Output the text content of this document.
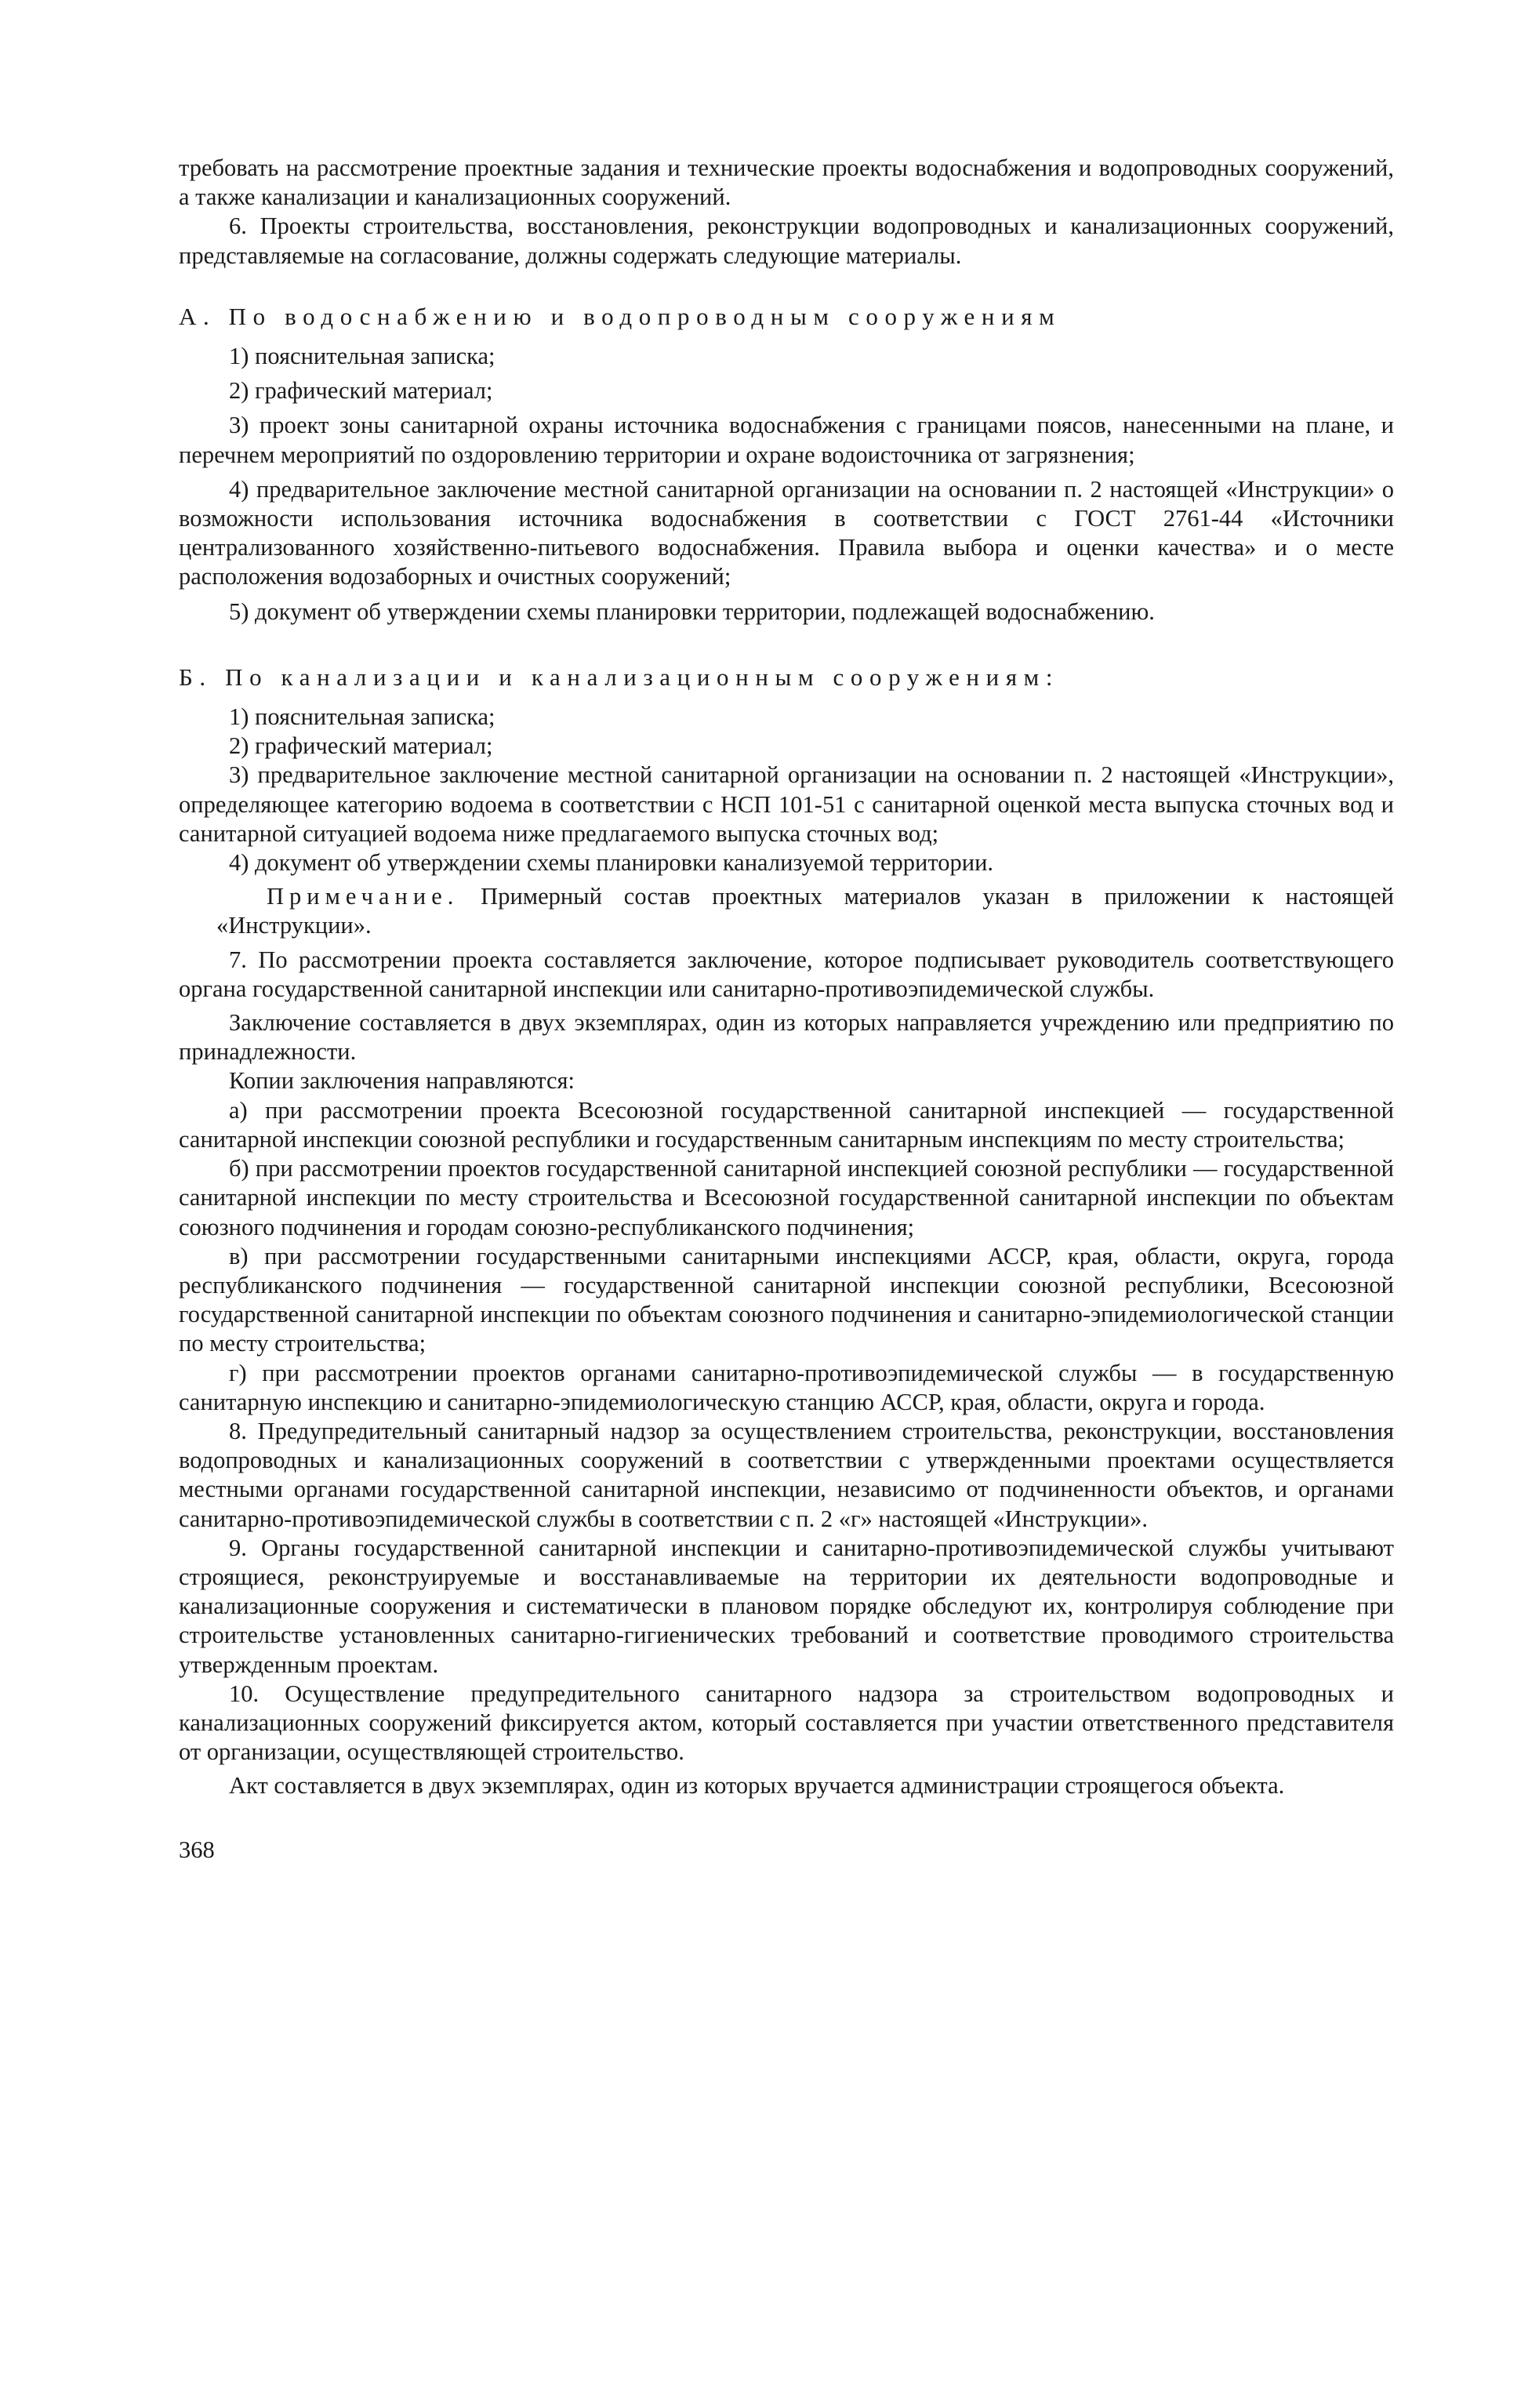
требовать на рассмотрение проектные задания и технические проекты водоснабжения и водопроводных сооружений, а также канализации и канализационных сооружений.

6. Проекты строительства, восстановления, реконструкции водопроводных и канализационных сооружений, представляемые на согласование, должны содержать следующие материалы.

А. По водоснабжению и водопроводным сооружениям

1) пояснительная записка;

2) графический материал;

3) проект зоны санитарной охраны источника водоснабжения с границами поясов, нанесенными на плане, и перечнем мероприятий по оздоровлению территории и охране водоисточника от загрязнения;

4) предварительное заключение местной санитарной организации на основании п. 2 настоящей «Инструкции» о возможности использования источника водоснабжения в соответствии с ГОСТ 2761-44 «Источники централизованного хозяйственно-питьевого водоснабжения. Правила выбора и оценки качества» и о месте расположения водозаборных и очистных сооружений;

5) документ об утверждении схемы планировки территории, подлежащей водоснабжению.

Б. По канализации и канализационным сооружениям:

1) пояснительная записка;

2) графический материал;

3) предварительное заключение местной санитарной организации на основании п. 2 настоящей «Инструкции», определяющее категорию водоема в соответствии с НСП 101-51 с санитарной оценкой места выпуска сточных вод и санитарной ситуацией водоема ниже предлагаемого выпуска сточных вод;

4) документ об утверждении схемы планировки канализуемой территории.

Примечание. Примерный состав проектных материалов указан в приложении к настоящей «Инструкции».

7. По рассмотрении проекта составляется заключение, которое подписывает руководитель соответствующего органа государственной санитарной инспекции или санитарно-противоэпидемической службы.

Заключение составляется в двух экземплярах, один из которых направляется учреждению или предприятию по принадлежности.

Копии заключения направляются:

а) при рассмотрении проекта Всесоюзной государственной санитарной инспекцией — государственной санитарной инспекции союзной республики и государственным санитарным инспекциям по месту строительства;

б) при рассмотрении проектов государственной санитарной инспекцией союзной республики — государственной санитарной инспекции по месту строительства и Всесоюзной государственной санитарной инспекции по объектам союзного подчинения и городам союзно-республиканского подчинения;

в) при рассмотрении государственными санитарными инспекциями АССР, края, области, округа, города республиканского подчинения — государственной санитарной инспекции союзной республики, Всесоюзной государственной санитарной инспекции по объектам союзного подчинения и санитарно-эпидемиологической станции по месту строительства;

г) при рассмотрении проектов органами санитарно-противоэпидемической службы — в государственную санитарную инспекцию и санитарно-эпидемиологическую станцию АССР, края, области, округа и города.

8. Предупредительный санитарный надзор за осуществлением строительства, реконструкции, восстановления водопроводных и канализационных сооружений в соответствии с утвержденными проектами осуществляется местными органами государственной санитарной инспекции, независимо от подчиненности объектов, и органами санитарно-противоэпидемической службы в соответствии с п. 2 «г» настоящей «Инструкции».

9. Органы государственной санитарной инспекции и санитарно-противоэпидемической службы учитывают строящиеся, реконструируемые и восстанавливаемые на территории их деятельности водопроводные и канализационные сооружения и систематически в плановом порядке обследуют их, контролируя соблюдение при строительстве установленных санитарно-гигиенических требований и соответствие проводимого строительства утвержденным проектам.

10. Осуществление предупредительного санитарного надзора за строительством водопроводных и канализационных сооружений фиксируется актом, который составляется при участии ответственного представителя от организации, осуществляющей строительство.

Акт составляется в двух экземплярах, один из которых вручается администрации строящегося объекта.

368
